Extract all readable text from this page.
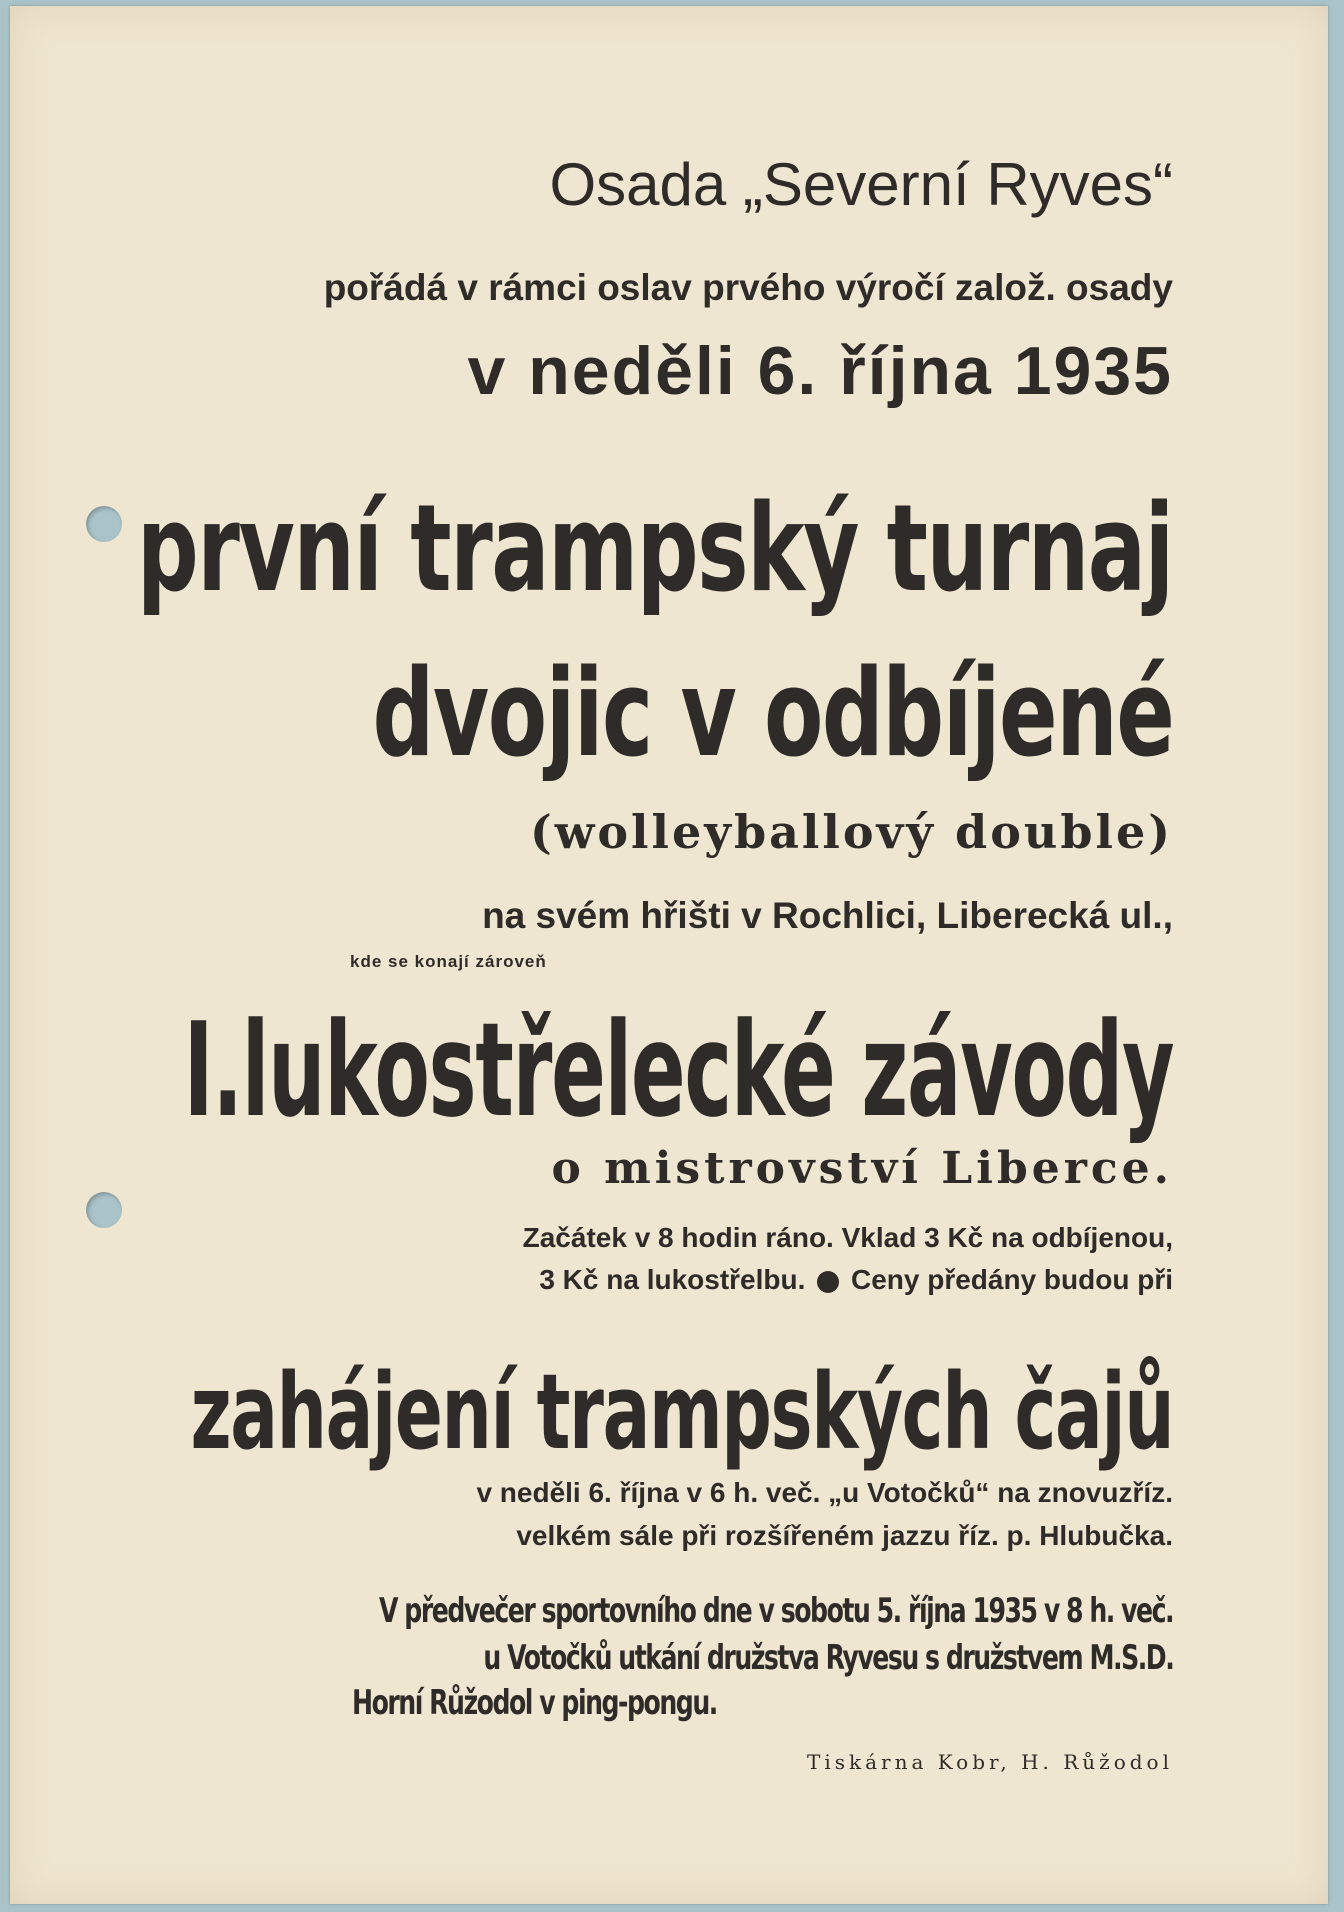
Osada „Severní Ryves“
pořádá v rámci oslav prvého výročí založ. osady
v neděli 6. října 1935
první trampský turnaj
dvojic v odbíjené
(wolleyballový double)
na svém hřišti v Rochlici, Liberecká ul.,
kde se konají zároveň
I.lukostřelecké závody
o mistrovství Liberce.
Začátek v 8 hodin ráno. Vklad 3 Kč na odbíjenou,
3 Kč na lukostřelbu. Ceny předány budou při
zahájení trampských čajů
v neděli 6. října v 6 h. več. „u Votočků“ na znovuzříz.
velkém sále při rozšířeném jazzu říz. p. Hlubučka.
V předvečer sportovního dne v sobotu 5. října 1935 v 8 h. več.
u Votočků utkání družstva Ryvesu s družstvem M.S.D.
Horní Růžodol v ping-pongu.
Tiskárna Kobr, H. Růžodol
